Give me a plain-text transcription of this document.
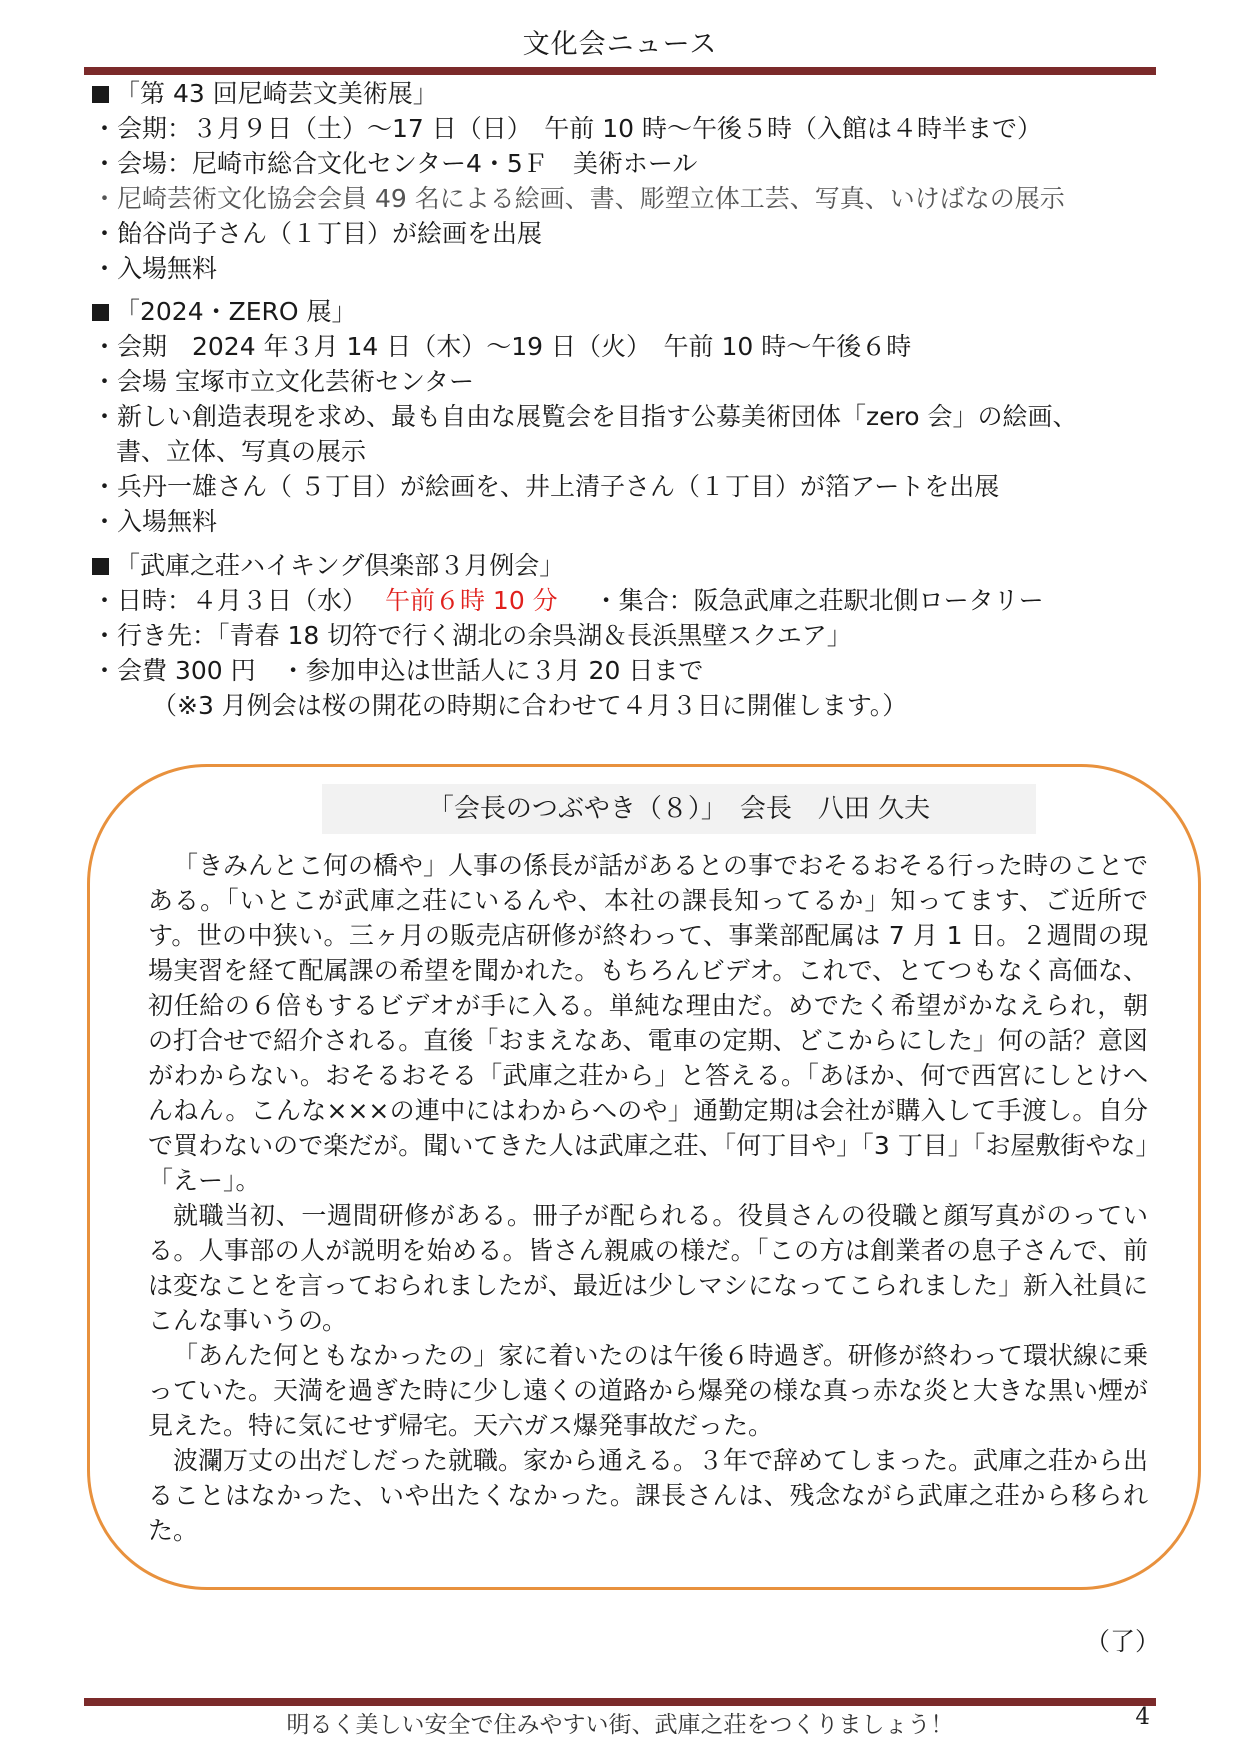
文化会ニュース
「第 43 回尼崎芸文美術展」
・会期：３月９日（土）～17 日（日）　午前 10 時～午後５時（入館は４時半まで）
・会場：尼崎市総合文化センター4・5Ｆ　美術ホール
・尼崎芸術文化協会会員 49 名による絵画、書、彫塑立体工芸、写真、いけばなの展示
・飴谷尚子さん（１丁目）が絵画を出展
・入場無料
「2024・ZERO 展」
・会期　2024 年３月 14 日（木）～19 日（火）　午前 10 時～午後６時
・会場 宝塚市立文化芸術センター
・新しい創造表現を求め、最も自由な展覧会を目指す公募美術団体「zero 会」の絵画、
書、立体、写真の展示
・兵丹一雄さん（ ５丁目）が絵画を、井上清子さん（１丁目）が箔アートを出展
・入場無料
「武庫之荘ハイキング倶楽部３月例会」
・日時：４月３日（水） 午前６時 10 分 ・集合：阪急武庫之荘駅北側ロータリー
・行き先：「青春 18 切符で行く湖北の余呉湖＆長浜黒壁スクエア」
・会費 300 円　・参加申込は世話人に３月 20 日まで
（※3 月例会は桜の開花の時期に合わせて４月３日に開催します。）
「会長のつぶやき（８）」　会長　八田 久夫

「きみんとこ何の橋や」人事の係長が話があるとの事でおそるおそる行った時のことである。「いとこが武庫之荘にいるんや、本社の課長知ってるか」知ってます、ご近所です。世の中狭い。三ヶ月の販売店研修が終わって、事業部配属は 7 月 1 日。２週間の現場実習を経て配属課の希望を聞かれた。もちろんビデオ。これで、とてつもなく高価な、初任給の６倍もするビデオが手に入る。単純な理由だ。めでたく希望がかなえられ，朝の打合せで紹介される。直後「おまえなあ、電車の定期、どこからにした」何の話？意図がわからない。おそるおそる「武庫之荘から」と答える。「あほか、何で西宮にしとけへんねん。こんな×××の連中にはわからへのや」通勤定期は会社が購入して手渡し。自分で買わないので楽だが。聞いてきた人は武庫之荘、「何丁目や」「3 丁目」「お屋敷街やな」「えー」。

就職当初、一週間研修がある。冊子が配られる。役員さんの役職と顔写真がのっている。人事部の人が説明を始める。皆さん親戚の様だ。「この方は創業者の息子さんで、前は変なことを言っておられましたが、最近は少しマシになってこられました」新入社員にこんな事いうの。

「あんた何ともなかったの」家に着いたのは午後６時過ぎ。研修が終わって環状線に乗っていた。天満を過ぎた時に少し遠くの道路から爆発の様な真っ赤な炎と大きな黒い煙が見えた。特に気にせず帰宅。天六ガス爆発事故だった。

波瀾万丈の出だしだった就職。家から通える。３年で辞めてしまった。武庫之荘から出ることはなかった、いや出たくなかった。課長さんは、残念ながら武庫之荘から移られた。

（了）
明るく美しい安全で住みやすい街、武庫之荘をつくりましょう！	4
